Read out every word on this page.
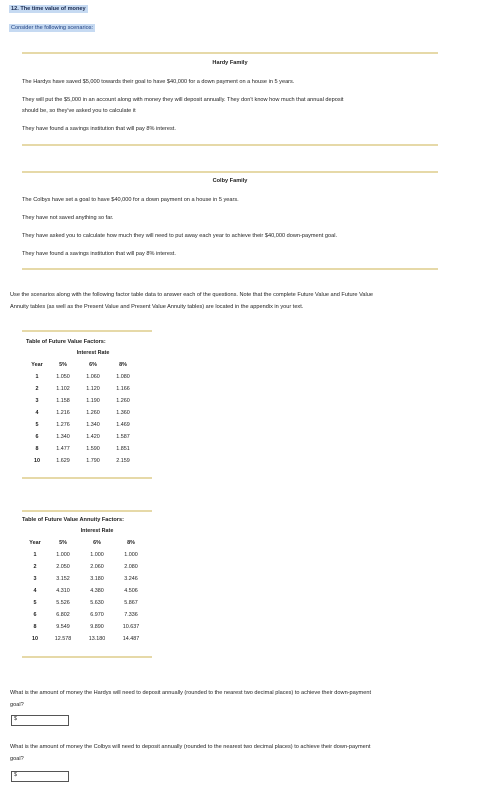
12. The time value of money
Consider the following scenarios:
Hardy Family
The Hardys have saved $5,000 towards their goal to have $40,000 for a down payment on a house in 5 years.
They will put the $5,000 in an account along with money they will deposit annually. They don't know how much that annual deposit
should be, so they've asked you to calculate it
They have found a savings institution that will pay 8% interest.
Colby Family
The Colbys have set a goal to have $40,000 for a down payment on a house in 5 years.
They have not saved anything so far.
They have asked you to calculate how much they will need to put away each year to achieve their $40,000 down-payment goal.
They have found a savings institution that will pay 8% interest.
Use the scenarios along with the following factor table data to answer each of the questions. Note that the complete Future Value and Future Value
Annuity tables (as well as the Present Value and Present Value Annuity tables) are located in the appendix in your text.
Table of Future Value Factors:
	Interest Rate		
Year	5%	6%	8%
1	1.050	1.060	1.080
2	1.102	1.120	1.166
3	1.158	1.190	1.260
4	1.216	1.260	1.360
5	1.276	1.340	1.469
6	1.340	1.420	1.587
8	1.477	1.590	1.851
10	1.629	1.790	2.159
Table of Future Value Annuity Factors:
	Interest Rate		
Year	5%	6%	8%
1	1.000	1.000	1.000
2	2.050	2.060	2.080
3	3.152	3.180	3.246
4	4.310	4.380	4.506
5	5.526	5.630	5.867
6	6.802	6.970	7.336
8	9.549	9.890	10.637
10	12.578	13.180	14.487
What is the amount of money the Hardys will need to deposit annually (rounded to the nearest two decimal places) to achieve their down-payment
goal?
$
What is the amount of money the Colbys will need to deposit annually (rounded to the nearest two decimal places) to achieve their down-payment
goal?
$
